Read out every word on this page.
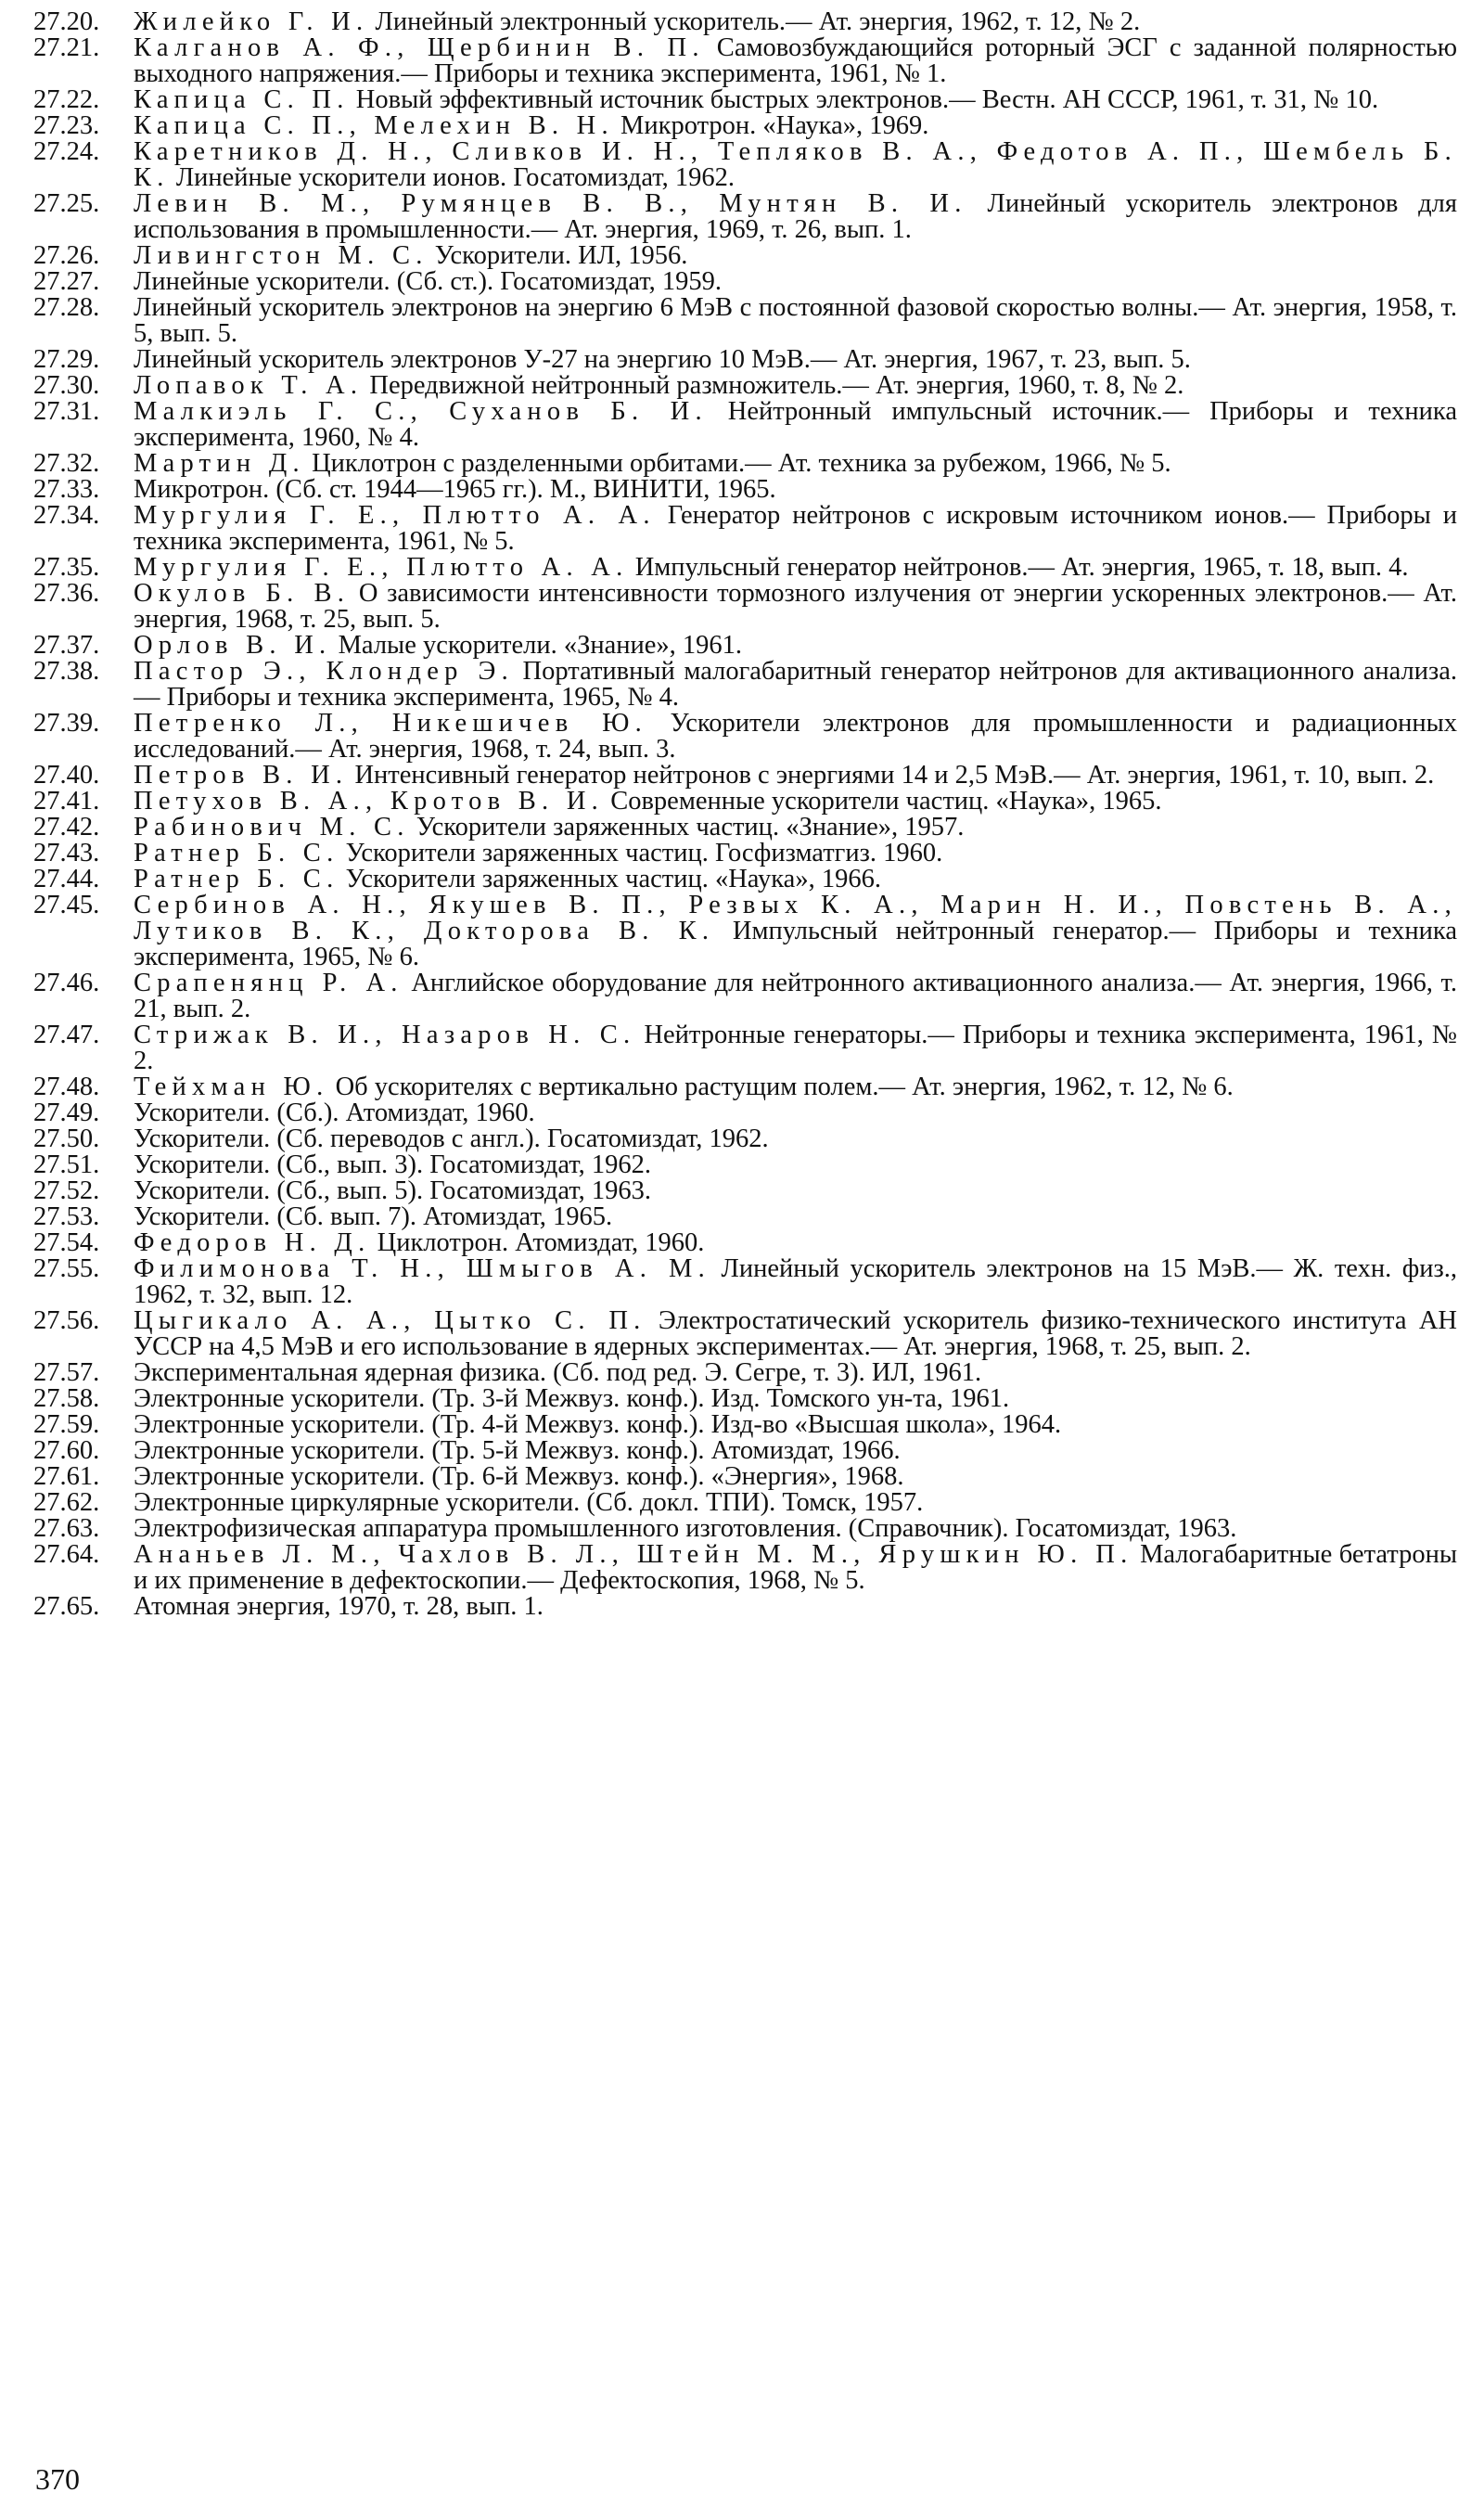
27.20.	Жилейко Г. И. Линейный электронный ускоритель.— Ат. энергия, 1962, т. 12, № 2.
27.21.	Калганов А. Ф., Щербинин В. П. Самовозбуждающийся роторный ЭСГ с заданной полярностью выходного напряжения.— Приборы и техника эксперимента, 1961, № 1.
27.22.	Капица С. П. Новый эффективный источник быстрых электронов.— Вестн. АН СССР, 1961, т. 31, № 10.
27.23.	Капица С. П., Мелехин В. Н. Микротрон. «Наука», 1969.
27.24.	Каретников Д. Н., Сливков И. Н., Тепляков В. А., Федотов А. П., Шембель Б. К. Линейные ускорители ионов. Госатомиздат, 1962.
27.25.	Левин В. М., Румянцев В. В., Мунтян В. И. Линейный ускоритель электронов для использования в промышленности.— Ат. энергия, 1969, т. 26, вып. 1.
27.26.	Ливингстон М. С. Ускорители. ИЛ, 1956.
27.27.	Линейные ускорители. (Сб. ст.). Госатомиздат, 1959.
27.28.	Линейный ускоритель электронов на энергию 6 МэВ с постоянной фазовой скоростью волны.— Ат. энергия, 1958, т. 5, вып. 5.
27.29.	Линейный ускоритель электронов У-27 на энергию 10 МэВ.— Ат. энергия, 1967, т. 23, вып. 5.
27.30.	Лопавок Т. А. Передвижной нейтронный размножитель.— Ат. энергия, 1960, т. 8, № 2.
27.31.	Малкиэль Г. С., Суханов Б. И. Нейтронный импульсный источник.— Приборы и техника эксперимента, 1960, № 4.
27.32.	Мартин Д. Циклотрон с разделенными орбитами.— Ат. техника за рубежом, 1966, № 5.
27.33.	Микротрон. (Сб. ст. 1944—1965 гг.). М., ВИНИТИ, 1965.
27.34.	Мургулия Г. Е., Плютто А. А. Генератор нейтронов с искровым источником ионов.— Приборы и техника эксперимента, 1961, № 5.
27.35.	Мургулия Г. Е., Плютто А. А. Импульсный генератор нейтронов.— Ат. энергия, 1965, т. 18, вып. 4.
27.36.	Окулов Б. В. О зависимости интенсивности тормозного излучения от энергии ускоренных электронов.— Ат. энергия, 1968, т. 25, вып. 5.
27.37.	Орлов В. И. Малые ускорители. «Знание», 1961.
27.38.	Пастор Э., Клондер Э. Портативный малогабаритный генератор нейтронов для активационного анализа.— Приборы и техника эксперимента, 1965, № 4.
27.39.	Петренко Л., Никешичев Ю. Ускорители электронов для промышленности и радиационных исследований.— Ат. энергия, 1968, т. 24, вып. 3.
27.40.	Петров В. И. Интенсивный генератор нейтронов с энергиями 14 и 2,5 МэВ.— Ат. энергия, 1961, т. 10, вып. 2.
27.41.	Петухов В. А., Кротов В. И. Современные ускорители частиц. «Наука», 1965.
27.42.	Рабинович М. С. Ускорители заряженных частиц. «Знание», 1957.
27.43.	Ратнер Б. С. Ускорители заряженных частиц. Госфизматгиз. 1960.
27.44.	Ратнер Б. С. Ускорители заряженных частиц. «Наука», 1966.
27.45.	Сербинов А. Н., Якушев В. П., Резвых К. А., Марин Н. И., Повстень В. А., Лутиков В. К., Докторова В. К. Импульсный нейтронный генератор.— Приборы и техника эксперимента, 1965, № 6.
27.46.	Срапенянц Р. А. Английское оборудование для нейтронного активационного анализа.— Ат. энергия, 1966, т. 21, вып. 2.
27.47.	Стрижак В. И., Назаров Н. С. Нейтронные генераторы.— Приборы и техника эксперимента, 1961, № 2.
27.48.	Тейхман Ю. Об ускорителях с вертикально растущим полем.— Ат. энергия, 1962, т. 12, № 6.
27.49.	Ускорители. (Сб.). Атомиздат, 1960.
27.50.	Ускорители. (Сб. переводов с англ.). Госатомиздат, 1962.
27.51.	Ускорители. (Сб., вып. 3). Госатомиздат, 1962.
27.52.	Ускорители. (Сб., вып. 5). Госатомиздат, 1963.
27.53.	Ускорители. (Сб. вып. 7). Атомиздат, 1965.
27.54.	Федоров Н. Д. Циклотрон. Атомиздат, 1960.
27.55.	Филимонова Т. Н., Шмыгов А. М. Линейный ускоритель электронов на 15 МэВ.— Ж. техн. физ., 1962, т. 32, вып. 12.
27.56.	Цыгикало А. А., Цытко С. П. Электростатический ускоритель физико-технического института АН УССР на 4,5 МэВ и его использование в ядерных экспериментах.— Ат. энергия, 1968, т. 25, вып. 2.
27.57.	Экспериментальная ядерная физика. (Сб. под ред. Э. Сегре, т. 3). ИЛ, 1961.
27.58.	Электронные ускорители. (Тр. 3-й Межвуз. конф.). Изд. Томского ун-та, 1961.
27.59.	Электронные ускорители. (Тр. 4-й Межвуз. конф.). Изд-во «Высшая школа», 1964.
27.60.	Электронные ускорители. (Тр. 5-й Межвуз. конф.). Атомиздат, 1966.
27.61.	Электронные ускорители. (Тр. 6-й Межвуз. конф.). «Энергия», 1968.
27.62.	Электронные циркулярные ускорители. (Сб. докл. ТПИ). Томск, 1957.
27.63.	Электрофизическая аппаратура промышленного изготовления. (Справочник). Госатомиздат, 1963.
27.64.	Ананьев Л. М., Чахлов В. Л., Штейн М. М., Ярушкин Ю. П. Малогабаритные бетатроны и их применение в дефектоскопии.— Дефектоскопия, 1968, № 5.
27.65.	Атомная энергия, 1970, т. 28, вып. 1.
370
